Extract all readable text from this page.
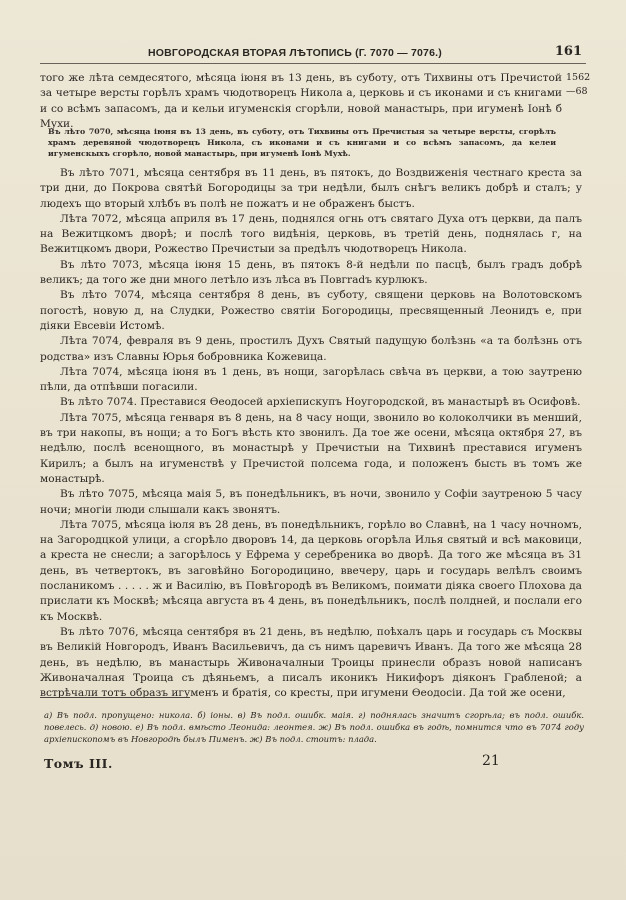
НОВГОРОДСКАЯ ВТОРАЯ ЛѢТОПИСЬ (Г. 7070 — 7076.)	161
того же лѣта семдесятого, мѣсяца іюня въ 13 день, въ суботу, отъ Тихвины отъ Пречистой за четыре версты горѣлъ храмъ чюдотворецъ Никола а, церковь и съ иконами и съ книгами и со всѣмъ запасомъ, да и кельи игуменскія сгорѣли, новой манастырь, при игуменѣ Іонѣ б Мухи.
1562
—68
Въ лѣто 7070, мѣсяца іюня въ 13 день, въ суботу, отъ Тихвины отъ Пречистыя за четыре версты, сгорѣлъ храмъ деревяной чюдотворецъ Никола, съ иконами и съ книгами и со всѣмъ запасомъ, да келеи игуменскыхъ сгорѣло, новой манастырь, при игуменѣ Іонѣ Мухѣ.

Въ лѣто 7071, мѣсяца сентября въ 11 день, въ пятокъ, до Воздвиженія честнаго креста за три дни, до Покрова святѣй Богородицы за три недѣли, былъ снѣгъ великъ добрѣ и сталъ; у людехъ що вторый хлѣбъ въ полѣ не пожатъ и не ображенъ быстъ.

Лѣта 7072, мѣсяца априля въ 17 день, поднялся огнь отъ святаго Духа отъ церкви, да палъ на Вежитцкомъ дворѣ; и послѣ того видѣнія, церковь, въ третій день, поднялась г, на Вежитцкомъ двори, Рожество Пречистыи за предѣлъ чюдотворецъ Никола.

Въ лѣто 7073, мѣсяца іюня 15 день, въ пятокъ 8-й недѣли по пасцѣ, былъ градъ добрѣ великъ; да того же дни много летѣло изъ лѣса въ Повгradъ курлюкъ.

Въ лѣто 7074, мѣсяца сентября 8 день, въ суботу, священи церковь на Волотовскомъ погостѣ, новую д, на Слудки, Рожество святіи Богородицы, пресвященный Леонидъ е, при дiяки Евсевіи Истомѣ.

Лѣта 7074, февраля въ 9 день, простилъ Духъ Святый падущую болѣзнь «а та болѣзнь отъ родства» изъ Славны Юрья бобровника Кожевица.

Лѣта 7074, мѣсяца іюня въ 1 день, въ нощи, загорѣлась свѣча въ церкви, а тою заутреню пѣли, да отпѣвши погасили.

Въ лѣто 7074. Преставися Ѳеодосей архіепискупъ Ноугородской, въ манастырѣ въ Осифовѣ.

Лѣта 7075, мѣсяца генваря въ 8 день, на 8 часу нощи, звонило во колоколчики въ менший, въ три накопы, въ нощи; а то Богъ вѣсть кто звонилъ. Да тое же осени, мѣсяца октября 27, въ недѣлю, послѣ всенощного, въ монастырѣ у Пречистыи на Тихвинѣ преставися игуменъ Кирилъ; а былъ на игуменствѣ у Пречистой полсема года, и положенъ бысть въ томъ же монастырѣ.

Въ лѣто 7075, мѣсяца маія 5, въ понедѣльникъ, въ ночи, звонило у Софіи заутреною 5 часу ночи; многіи люди слышали какъ звонятъ.

Лѣта 7075, мѣсяца іюля въ 28 день, въ понедѣльникъ, горѣло во Славнѣ, на 1 часу ночномъ, на Загородцкой улици, а сгорѣло дворовъ 14, да церковь огорѣла Илья святый и всѣ маковици, а креста не снесли; а загорѣлось у Ефрема у серебреника во дворѣ. Да того же мѣсяца въ 31 день, въ четвертокъ, въ заговѣйно Богородицино, ввечеру, царь и государь велѣлъ своимъ посланикомъ . . . . . ж и Василію, въ Повѣгородѣ въ Великомъ, поимати дiяка своего Плохова да прислати къ Москвѣ; мѣсяца августа въ 4 день, въ понедѣльникъ, послѣ полдней, и послали его къ Москвѣ.

Въ лѣто 7076, мѣсяца сентября въ 21 день, въ недѣлю, поѣхалъ царь и государь съ Москвы въ Великій Новгородъ, Иванъ Васильевичъ, да съ нимъ царевичъ Иванъ. Да того же мѣсяца 28 день, въ недѣлю, въ манастырь Живоначалныи Троицы принесли образъ новой написанъ Живоначалная Троица съ дѣяньемъ, а писалъ иконикъ Никифоръ дiяконъ Грабленой; а встрѣчали тотъ образъ игуменъ и братія, со кресты, при игумени Ѳеодосіи. Да той же осени,

а) Въ подл. пропущено: никола. б) іоны. в) Въ подл. ошибк. маія. г) поднялась значитъ сгорѣла; въ подл. ошибк. повелесь. д) новою. е) Въ подл. вмѣсто Леонида: леонтея. ж) Въ подл. ошибка въ годѣ, помнится что въ 7074 году архіепископомъ въ Новгородѣ былъ Пименъ. ж) Въ подл. стоитъ: плада.
Томъ III.	21
